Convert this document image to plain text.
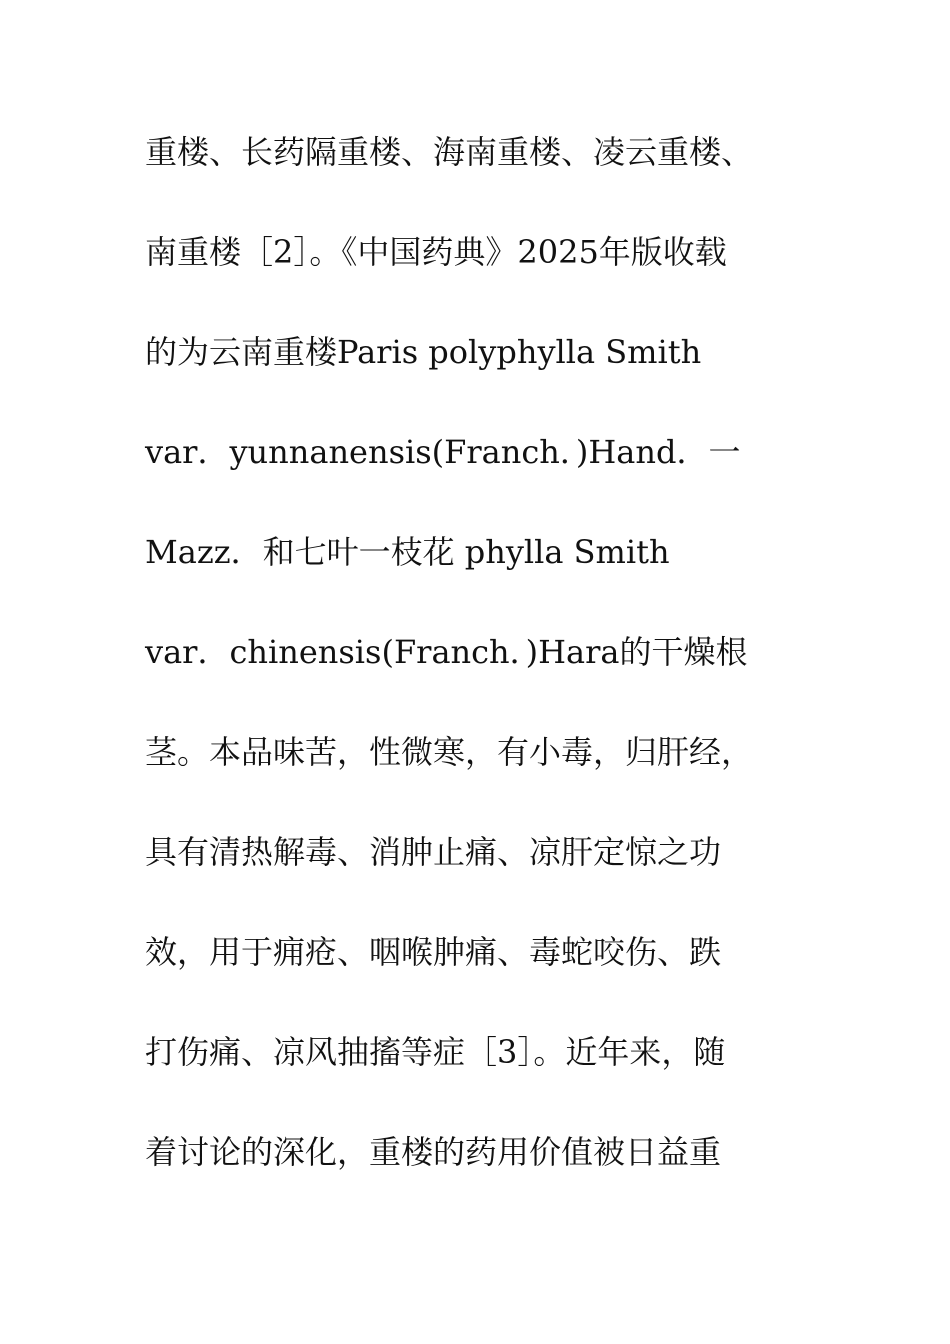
重楼、长药隔重楼、海南重楼、凌云重楼、
南重楼［2］。《中国药典》2025年版收载
的为云南重楼Paris polyphylla Smith
var．yunnanensis(Franch．)Hand．一
Mazz．和七叶一枝花 phylla Smith
var．chinensis(Franch．)Hara的干燥根
茎。本品味苦，性微寒，有小毒，归肝经，
具有清热解毒、消肿止痛、凉肝定惊之功
效，用于痈疮、咽喉肿痛、毒蛇咬伤、跌
打伤痛、凉风抽搐等症［3］。近年来，随
着讨论的深化，重楼的药用价值被日益重
